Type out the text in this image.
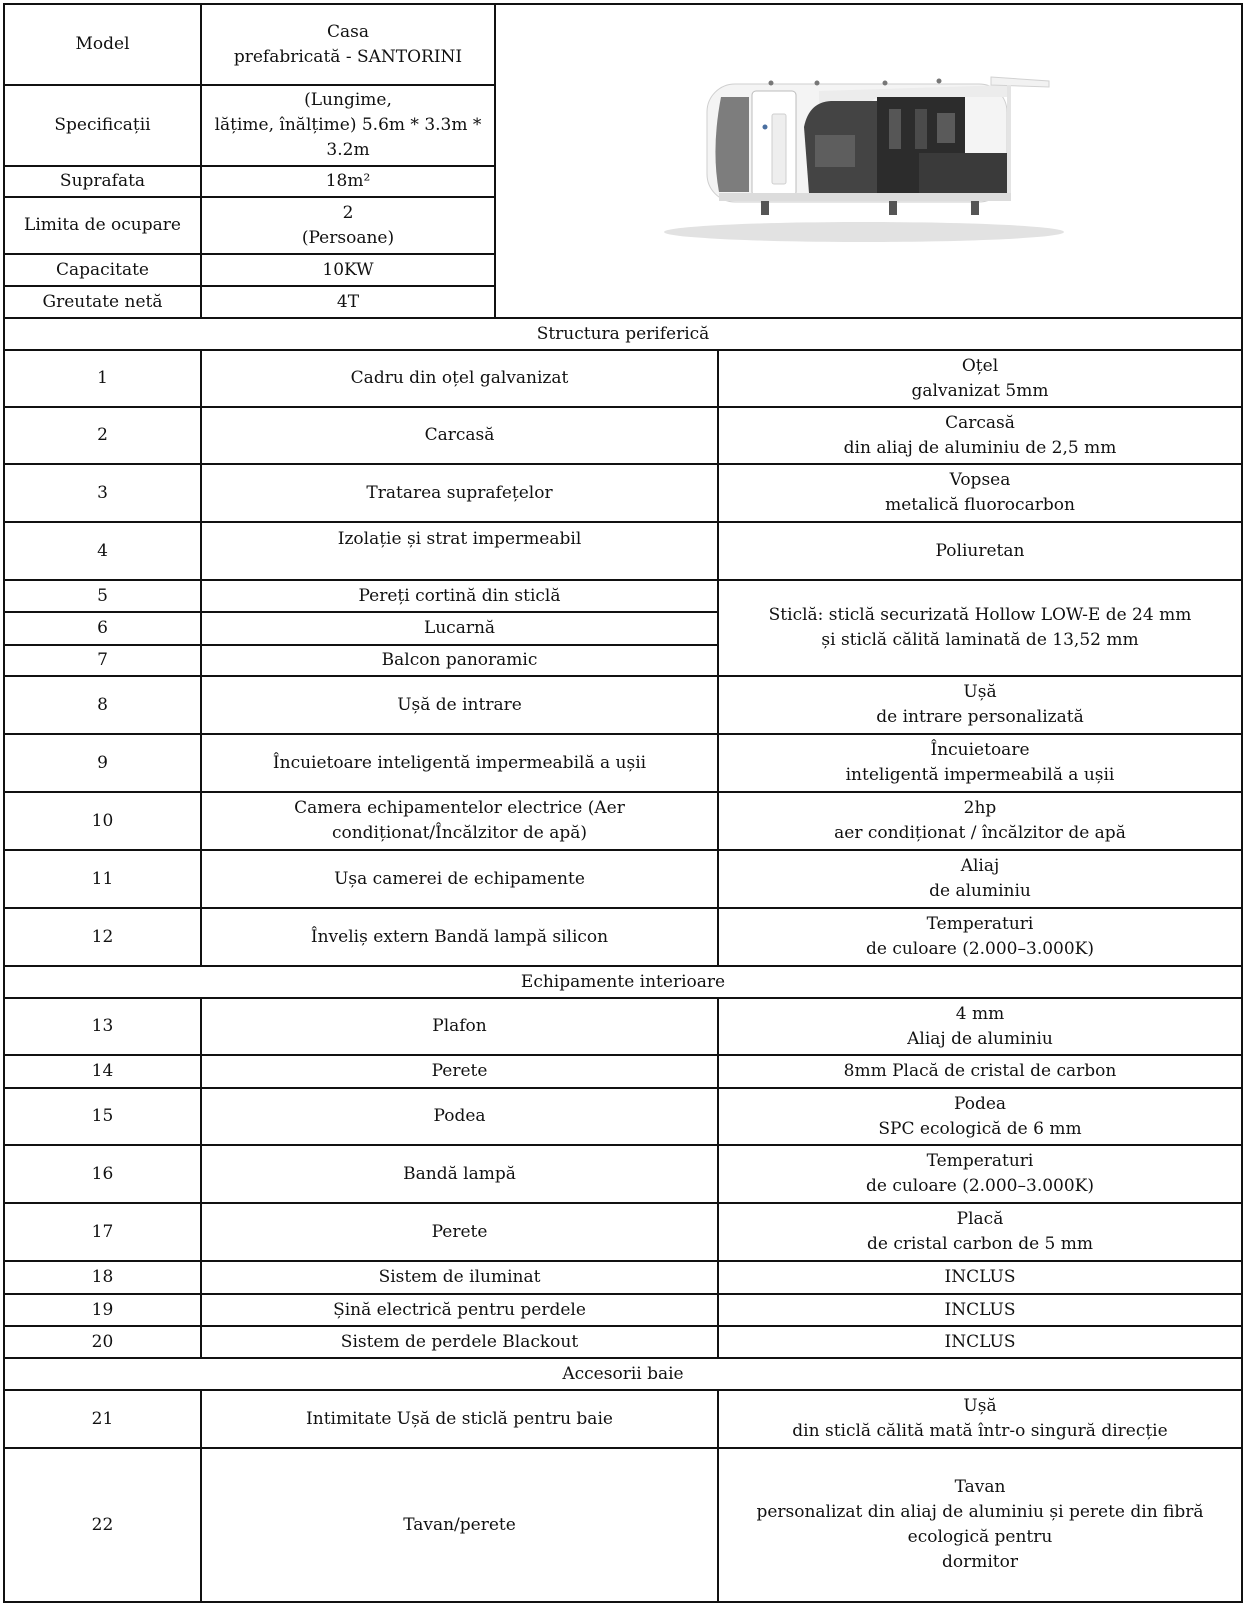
Model	Casa
prefabricată - SANTORINI

Specificații	(Lungime,
lățime, înălțime) 5.6m * 3.3m *
3.2m		

Suprafata	18m²		

Limita de ocupare	2
(Persoane)		

Capacitate	10KW		

Greutate netă	4T		

Structura periferică			
1	Cadru din oțel galvanizat		Oțel
galvanizat 5mm

2	Carcasă		Carcasă
din aliaj de aluminiu de 2,5 mm

3	Tratarea suprafețelor		Vopsea
metalică fluorocarbon

4	Izolație și strat impermeabil		Poliuretan

5	Pereți cortină din sticlă		Sticlă: sticlă securizată Hollow LOW-E de 24 mm
și sticlă călită laminată de 13,52 mm

6	Lucarnă		

7	Balcon panoramic		

8	Ușă de intrare		Ușă
de intrare personalizată

9	Încuietoare inteligentă impermeabilă a ușii		Încuietoare
inteligentă impermeabilă a ușii

10	Camera echipamentelor electrice (Aer
condiționat/Încălzitor de apă)		2hp
aer condiționat / încălzitor de apă

11	Ușa camerei de echipamente		Aliaj
de aluminiu

12	Înveliș extern Bandă lampă silicon		Temperaturi
de culoare (2.000–3.000K)

Echipamente interioare			
13	Plafon		4 mm
Aliaj de aluminiu

14	Perete		8mm Placă de cristal de carbon

15	Podea		Podea
SPC ecologică de 6 mm

16	Bandă lampă		Temperaturi
de culoare (2.000–3.000K)

17	Perete		Placă
de cristal carbon de 5 mm

18	Sistem de iluminat		INCLUS

19	Șină electrică pentru perdele		INCLUS

20	Sistem de perdele Blackout		INCLUS

Accesorii baie			
21	Intimitate Ușă de sticlă pentru baie		Ușă
din sticlă călită mată într-o singură direcție

22	Tavan/perete		Tavan
personalizat din aliaj de aluminiu și perete din fibră
ecologică pentru
dormitor
